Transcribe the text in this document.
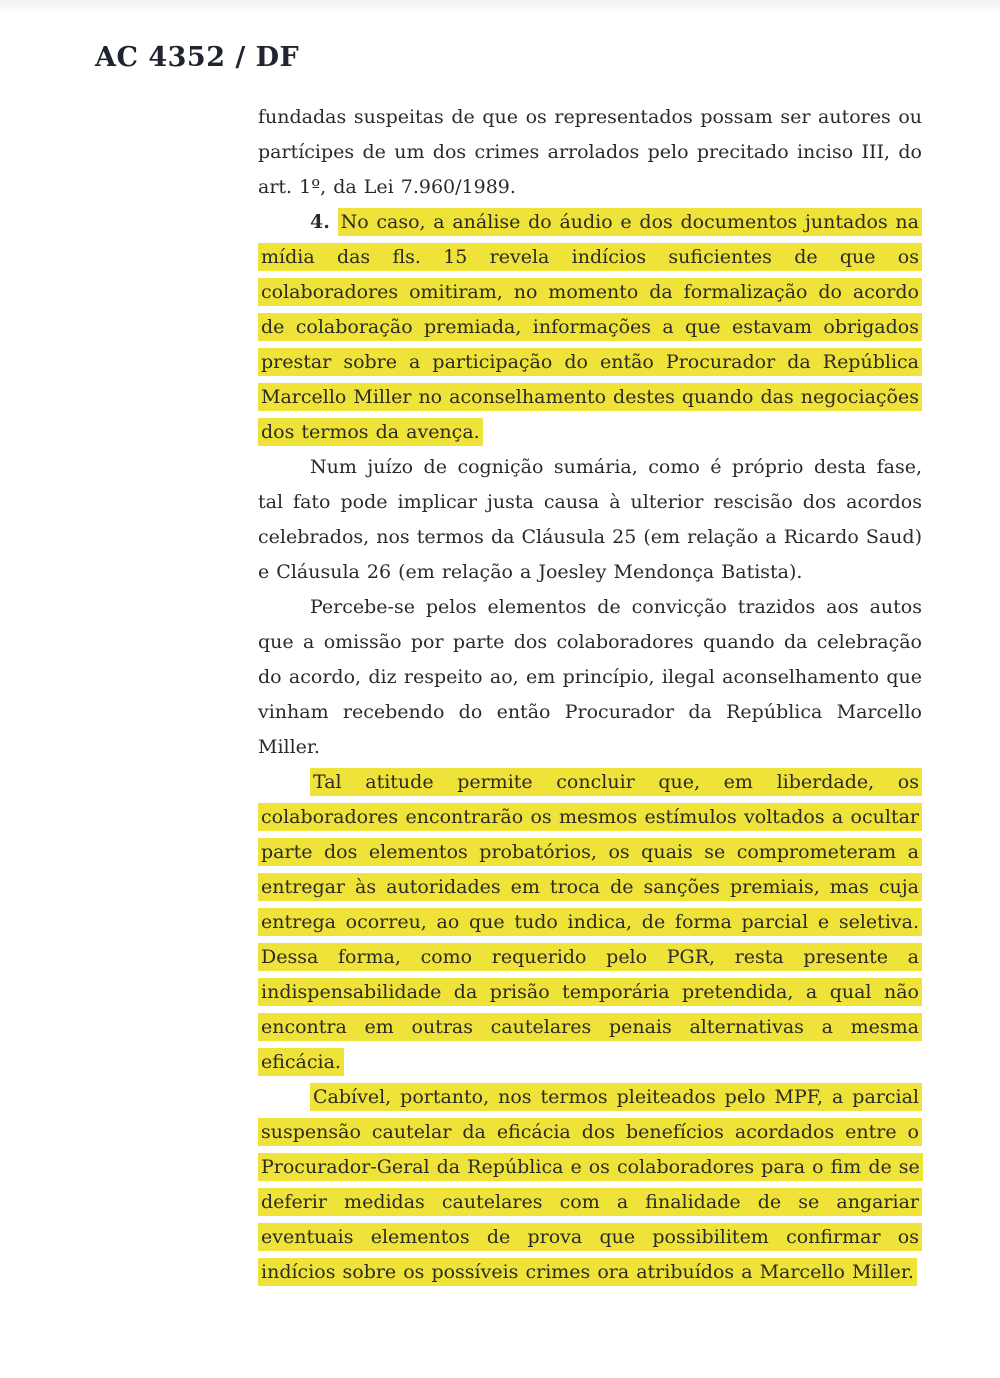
AC 4352 / DF

fundadas suspeitas de que os representados possam ser autores ou partícipes de um dos crimes arrolados pelo precitado inciso III, do art. 1º, da Lei 7.960/1989.

4. No caso, a análise do áudio e dos documentos juntados na mídia das fls. 15 revela indícios suficientes de que os colaboradores omitiram, no momento da formalização do acordo de colaboração premiada, informações a que estavam obrigados prestar sobre a participação do então Procurador da República Marcello Miller no aconselhamento destes quando das negociações dos termos da avença.

Num juízo de cognição sumária, como é próprio desta fase, tal fato pode implicar justa causa à ulterior rescisão dos acordos celebrados, nos termos da Cláusula 25 (em relação a Ricardo Saud) e Cláusula 26 (em relação a Joesley Mendonça Batista).

Percebe-se pelos elementos de convicção trazidos aos autos que a omissão por parte dos colaboradores quando da celebração do acordo, diz respeito ao, em princípio, ilegal aconselhamento que vinham recebendo do então Procurador da República Marcello Miller.

Tal atitude permite concluir que, em liberdade, os colaboradores encontrarão os mesmos estímulos voltados a ocultar parte dos elementos probatórios, os quais se comprometeram a entregar às autoridades em troca de sanções premiais, mas cuja entrega ocorreu, ao que tudo indica, de forma parcial e seletiva. Dessa forma, como requerido pelo PGR, resta presente a indispensabilidade da prisão temporária pretendida, a qual não encontra em outras cautelares penais alternativas a mesma eficácia.

Cabível, portanto, nos termos pleiteados pelo MPF, a parcial suspensão cautelar da eficácia dos benefícios acordados entre o Procurador-Geral da República e os colaboradores para o fim de se deferir medidas cautelares com a finalidade de se angariar eventuais elementos de prova que possibilitem confirmar os indícios sobre os possíveis crimes ora atribuídos a Marcello Miller.
